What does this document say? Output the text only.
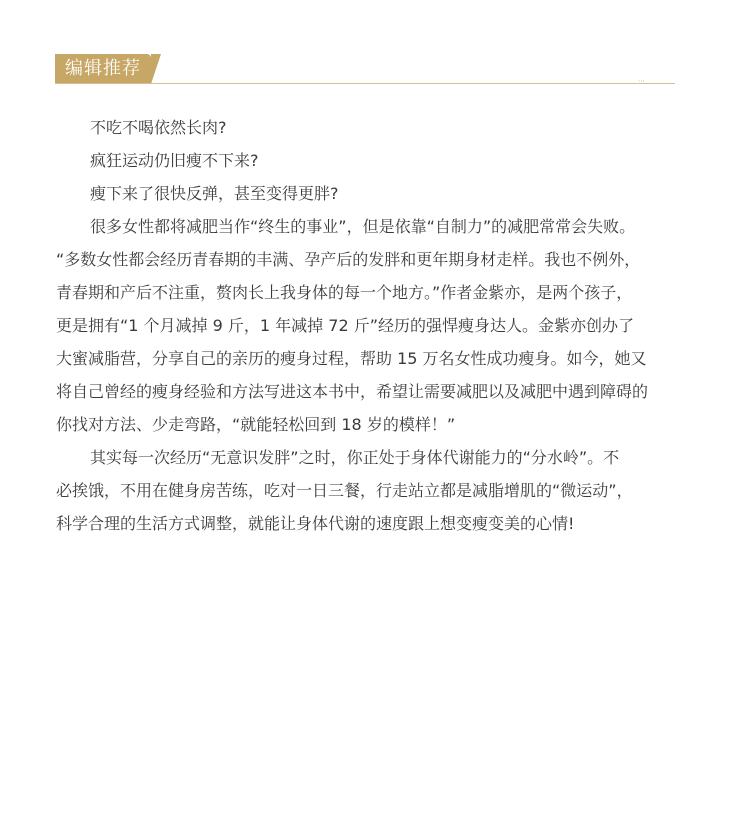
编辑推荐
⋯
不吃不喝依然长肉?
疯狂运动仍旧瘦不下来?
瘦下来了很快反弹，甚至变得更胖?
很多女性都将减肥当作“终生的事业”，但是依靠“自制力”的减肥常常会失败。
“多数女性都会经历青春期的丰满、孕产后的发胖和更年期身材走样。我也不例外，
青春期和产后不注重，赘肉长上我身体的每一个地方。”作者金紫亦，是两个孩子，
更是拥有“1 个月减掉 9 斤，1 年减掉 72 斤”经历的强悍瘦身达人。金紫亦创办了
大蜜减脂营，分享自己的亲历的瘦身过程，帮助 15 万名女性成功瘦身。如今，她又
将自己曾经的瘦身经验和方法写进这本书中，希望让需要减肥以及减肥中遇到障碍的
你找对方法、少走弯路，“就能轻松回到 18 岁的模样！”
其实每一次经历“无意识发胖”之时，你正处于身体代谢能力的“分水岭”。不
必挨饿，不用在健身房苦练，吃对一日三餐，行走站立都是减脂增肌的“微运动”，
科学合理的生活方式调整，就能让身体代谢的速度跟上想变瘦变美的心情!
